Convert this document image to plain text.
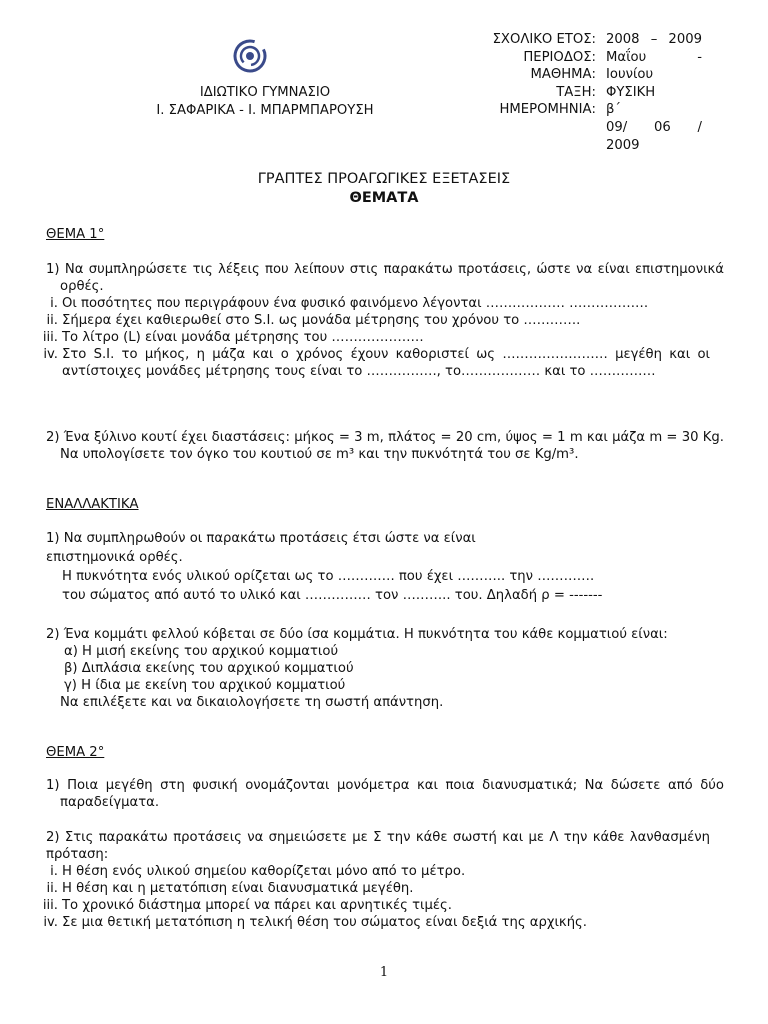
ΙΔΙΩΤΙΚΟ ΓΥΜΝΑΣΙΟ
Ι. ΣΑΦΑΡΙΚΑ - Ι. ΜΠΑΡΜΠΑΡΟΥΣΗ
ΣΧΟΛΙΚΟ ΕΤΟΣ: 2008 – 2009
ΠΕΡΙΟΔΟΣ: Μαΐου -
ΜΑΘΗΜΑ: Ιουνίου
ΤΑΞΗ: ΦΥΣΙΚΗ
ΗΜΕΡΟΜΗΝΙΑ: β΄
09/ 06 /
2009
ΓΡΑΠΤΕΣ ΠΡΟΑΓΩΓΙΚΕΣ ΕΞΕΤΑΣΕΙΣ
ΘΕΜΑΤΑ
ΘΕΜΑ 1°
1) Να συμπληρώσετε τις λέξεις που λείπουν στις παρακάτω προτάσεις, ώστε να είναι επιστημονικά ορθές.
i. Οι ποσότητες που περιγράφουν ένα φυσικό φαινόμενο λέγονται ……………… ………………
ii. Σήμερα έχει καθιερωθεί στο S.I. ως μονάδα μέτρησης του χρόνου το ………….
iii. Το λίτρο (L) είναι μονάδα μέτρησης του …………………
iv. Στο S.I. το μήκος, η μάζα και ο χρόνος έχουν καθοριστεί ως …………………… μεγέθη και οι αντίστοιχες μονάδες μέτρησης τους είναι το ……………., το……………… και το ……………
2) Ένα ξύλινο κουτί έχει διαστάσεις: μήκος = 3 m, πλάτος = 20 cm, ύψος = 1 m και μάζα m = 30 Kg. Να υπολογίσετε τον όγκο του κουτιού σε m³ και την πυκνότητά του σε Kg/m³.
ΕΝΑΛΛΑΚΤΙΚΑ
1) Να συμπληρωθούν οι παρακάτω προτάσεις έτσι ώστε να είναι
επιστημονικά ορθές.
Η πυκνότητα ενός υλικού ορίζεται ως το …………. που έχει ……….. την ………….
του σώματος από αυτό το υλικό και …………… τον ……….. του. Δηλαδή ρ = -------
2) Ένα κομμάτι φελλού κόβεται σε δύο ίσα κομμάτια. Η πυκνότητα του κάθε κομματιού είναι:
α) Η μισή εκείνης του αρχικού κομματιού
β) Διπλάσια εκείνης του αρχικού κομματιού
γ) Η ίδια με εκείνη του αρχικού κομματιού
Να επιλέξετε και να δικαιολογήσετε τη σωστή απάντηση.
ΘΕΜΑ 2°
1) Ποια μεγέθη στη φυσική ονομάζονται μονόμετρα και ποια διανυσματικά; Να δώσετε από δύο παραδείγματα.
2) Στις παρακάτω προτάσεις να σημειώσετε με Σ την κάθε σωστή και με Λ την κάθε λανθασμένη πρόταση:
i. Η θέση ενός υλικού σημείου καθορίζεται μόνο από το μέτρο.
ii. Η θέση και η μετατόπιση είναι διανυσματικά μεγέθη.
iii. Το χρονικό διάστημα μπορεί να πάρει και αρνητικές τιμές.
iv. Σε μια θετική μετατόπιση η τελική θέση του σώματος είναι δεξιά της αρχικής.
1
